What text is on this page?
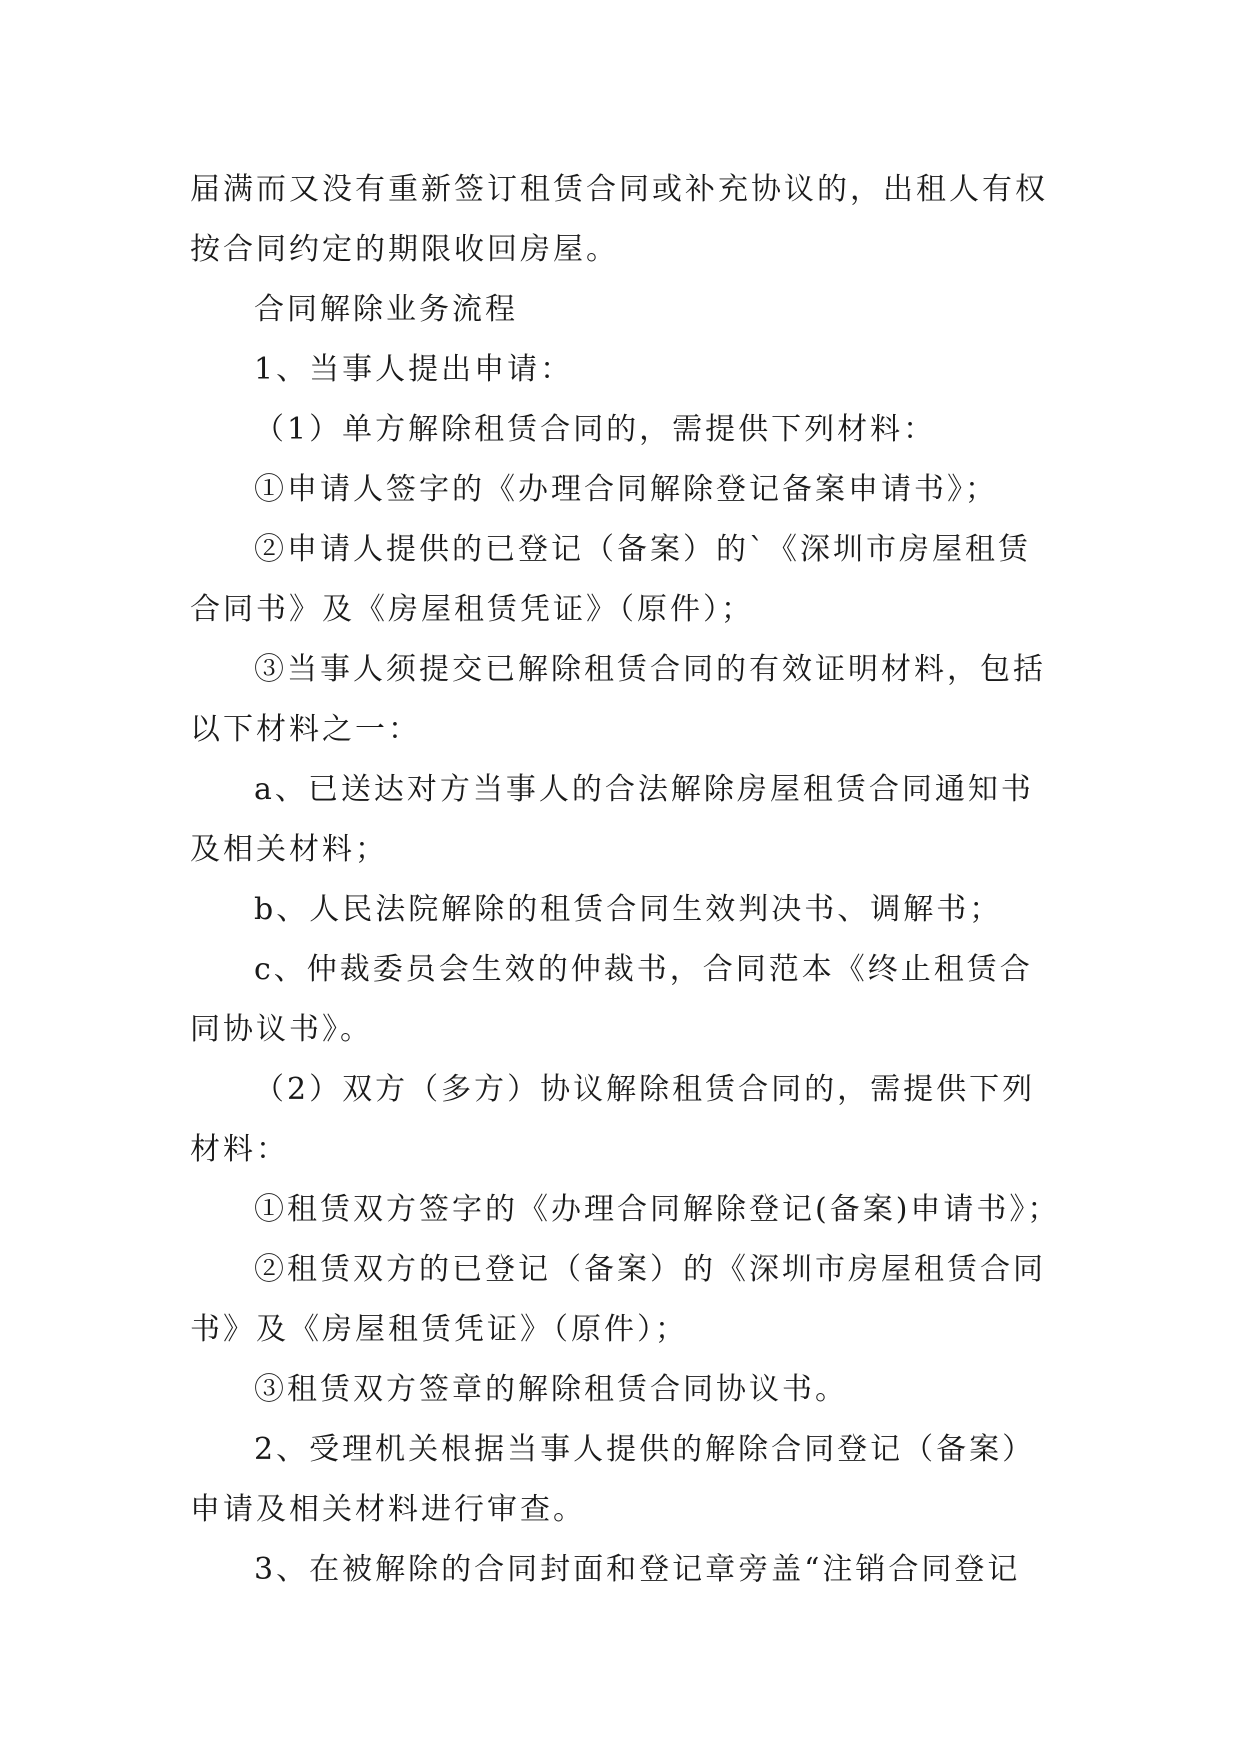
届满而又没有重新签订租赁合同或补充协议的，出租人有权
按合同约定的期限收回房屋。
合同解除业务流程
1、当事人提出申请：
（1）单方解除租赁合同的，需提供下列材料：
①申请人签字的《办理合同解除登记备案申请书》；
②申请人提供的已登记（备案）的`《深圳市房屋租赁
合同书》及《房屋租赁凭证》（原件）；
③当事人须提交已解除租赁合同的有效证明材料，包括
以下材料之一：
a、已送达对方当事人的合法解除房屋租赁合同通知书
及相关材料；
b、人民法院解除的租赁合同生效判决书、调解书；
c、仲裁委员会生效的仲裁书，合同范本《终止租赁合
同协议书》。
（2）双方（多方）协议解除租赁合同的，需提供下列
材料：
①租赁双方签字的《办理合同解除登记(备案)申请书》；
②租赁双方的已登记（备案）的《深圳市房屋租赁合同
书》及《房屋租赁凭证》（原件）；
③租赁双方签章的解除租赁合同协议书。
2、受理机关根据当事人提供的解除合同登记（备案）
申请及相关材料进行审查。
3、在被解除的合同封面和登记章旁盖“注销合同登记
